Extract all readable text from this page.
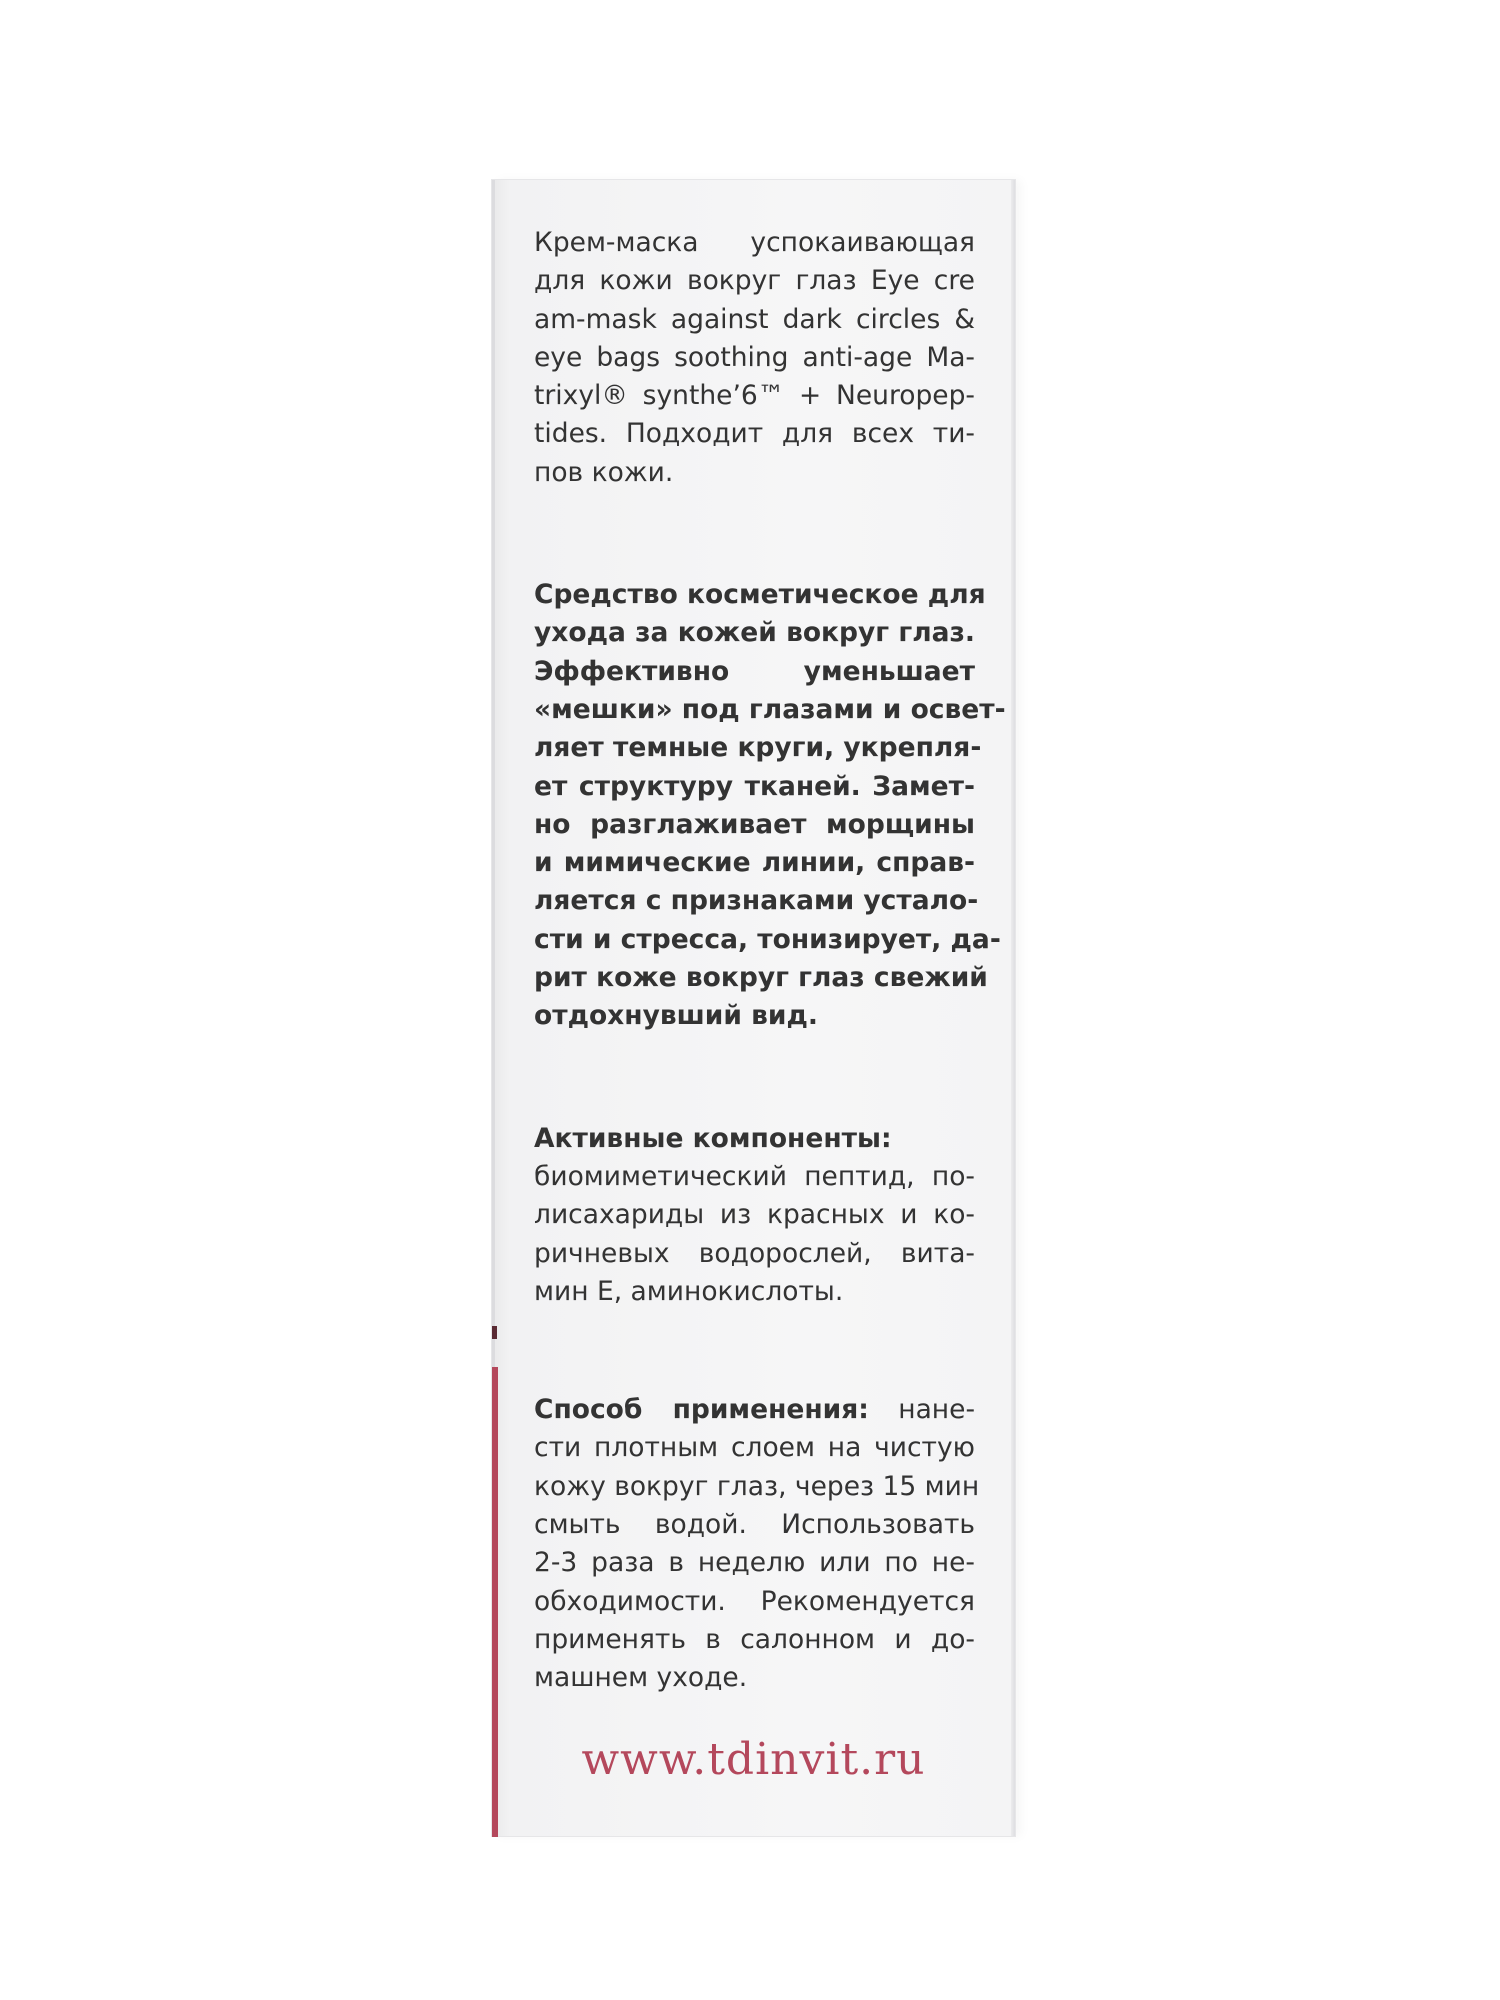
Крем-маска успокаивающая
для кожи вокруг глаз Eye cre
am-mask against dark circles &
eye bags soothing anti-age Ma-
trixyl® synthe’6™ + Neuropep-
tides. Подходит для всех ти-
пов кожи.
Средство косметическое для
ухода за кожей вокруг глаз.
Эффективно уменьшает
«мешки» под глазами и освет-
ляет темные круги, укрепля-
ет структуру тканей. Замет-
но разглаживает морщины
и мимические линии, справ-
ляется с признаками устало-
сти и стресса, тонизирует, да-
рит коже вокруг глаз свежий
отдохнувший вид.
Активные компоненты:
биомиметический пептид, по-
лисахариды из красных и ко-
ричневых водорослей, вита-
мин Е, аминокислоты.
Способ применения: нане-
сти плотным слоем на чистую
кожу вокруг глаз, через 15 мин
смыть водой. Использовать
2-3 раза в неделю или по не-
обходимости. Рекомендуется
применять в салонном и до-
машнем уходе.
www.tdinvit.ru
